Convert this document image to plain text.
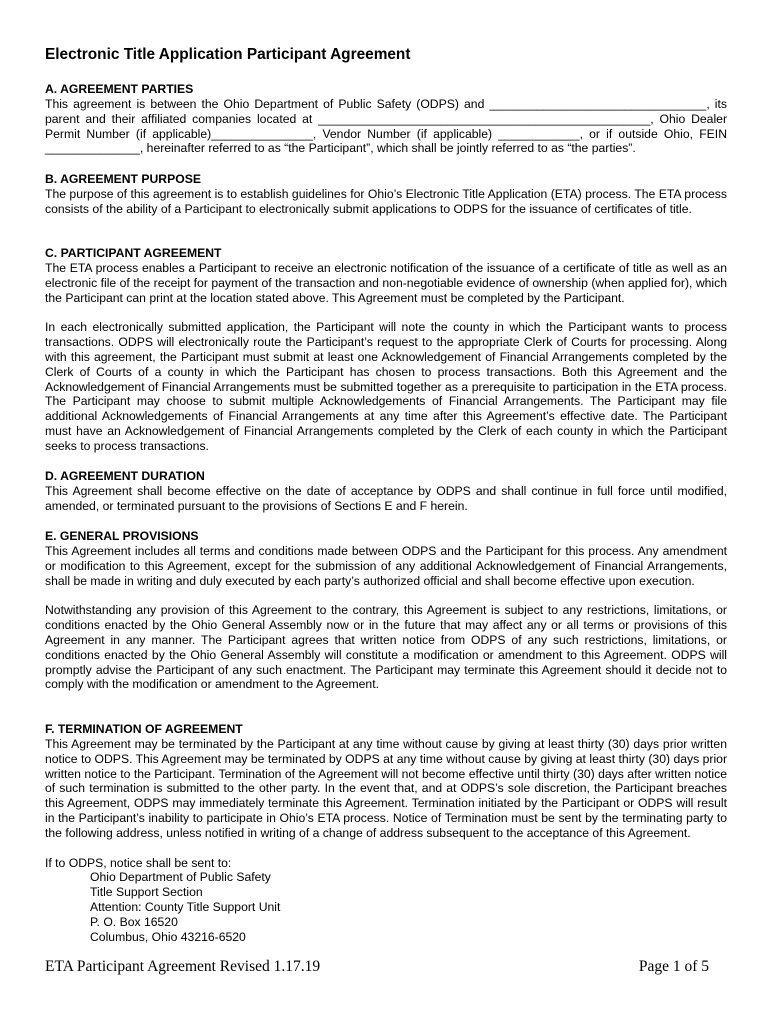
Electronic Title Application Participant Agreement
A. AGREEMENT PARTIES

This agreement is between the Ohio Department of Public Safety (ODPS) and ________________________________, its parent and their affiliated companies located at _________________________________________________, Ohio Dealer Permit Number (if applicable)_______________, Vendor Number (if applicable) ____________, or if outside Ohio, FEIN ______________, hereinafter referred to as “the Participant”, which shall be jointly referred to as “the parties”.

B. AGREEMENT PURPOSE

The purpose of this agreement is to establish guidelines for Ohio’s Electronic Title Application (ETA) process. The ETA process consists of the ability of a Participant to electronically submit applications to ODPS for the issuance of certificates of title.

C. PARTICIPANT AGREEMENT

The ETA process enables a Participant to receive an electronic notification of the issuance of a certificate of title as well as an electronic file of the receipt for payment of the transaction and non-negotiable evidence of ownership (when applied for), which the Participant can print at the location stated above. This Agreement must be completed by the Participant.

In each electronically submitted application, the Participant will note the county in which the Participant wants to process transactions. ODPS will electronically route the Participant’s request to the appropriate Clerk of Courts for processing. Along with this agreement, the Participant must submit at least one Acknowledgement of Financial Arrangements completed by the Clerk of Courts of a county in which the Participant has chosen to process transactions. Both this Agreement and the Acknowledgement of Financial Arrangements must be submitted together as a prerequisite to participation in the ETA process. The Participant may choose to submit multiple Acknowledgements of Financial Arrangements. The Participant may file additional Acknowledgements of Financial Arrangements at any time after this Agreement’s effective date. The Participant must have an Acknowledgement of Financial Arrangements completed by the Clerk of each county in which the Participant seeks to process transactions.

D. AGREEMENT DURATION

This Agreement shall become effective on the date of acceptance by ODPS and shall continue in full force until modified, amended, or terminated pursuant to the provisions of Sections E and F herein.

E. GENERAL PROVISIONS

This Agreement includes all terms and conditions made between ODPS and the Participant for this process. Any amendment or modification to this Agreement, except for the submission of any additional Acknowledgement of Financial Arrangements, shall be made in writing and duly executed by each party’s authorized official and shall become effective upon execution.

Notwithstanding any provision of this Agreement to the contrary, this Agreement is subject to any restrictions, limitations, or conditions enacted by the Ohio General Assembly now or in the future that may affect any or all terms or provisions of this Agreement in any manner. The Participant agrees that written notice from ODPS of any such restrictions, limitations, or conditions enacted by the Ohio General Assembly will constitute a modification or amendment to this Agreement. ODPS will promptly advise the Participant of any such enactment. The Participant may terminate this Agreement should it decide not to comply with the modification or amendment to the Agreement.

F. TERMINATION OF AGREEMENT

This Agreement may be terminated by the Participant at any time without cause by giving at least thirty (30) days prior written notice to ODPS. This Agreement may be terminated by ODPS at any time without cause by giving at least thirty (30) days prior written notice to the Participant. Termination of the Agreement will not become effective until thirty (30) days after written notice of such termination is submitted to the other party. In the event that, and at ODPS’s sole discretion, the Participant breaches this Agreement, ODPS may immediately terminate this Agreement. Termination initiated by the Participant or ODPS will result in the Participant’s inability to participate in Ohio’s ETA process. Notice of Termination must be sent by the terminating party to the following address, unless notified in writing of a change of address subsequent to the acceptance of this Agreement.

If to ODPS, notice shall be sent to:

Ohio Department of Public Safety
Title Support Section
Attention: County Title Support Unit
P. O. Box 16520
Columbus, Ohio 43216-6520
ETA Participant Agreement Revised 1.17.19	Page 1 of 5
